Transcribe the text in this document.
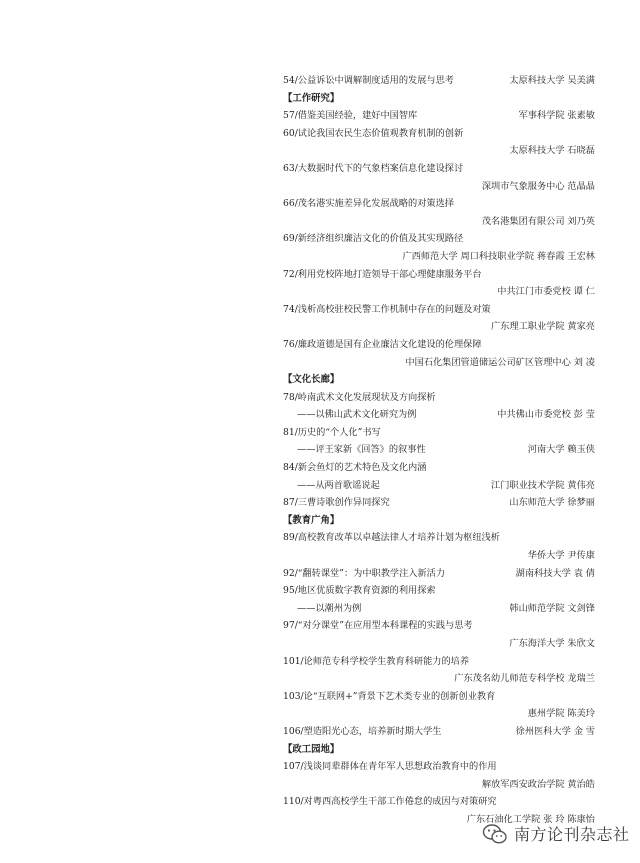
54/公益诉讼中调解制度适用的发展与思考	太原科技大学 吴美满
【工作研究】
57/借鉴美国经验，建好中国智库	军事科学院 张素敏
60/试论我国农民生态价值观教育机制的创新
太原科技大学 石晓磊
63/大数据时代下的气象档案信息化建设探讨
深圳市气象服务中心 范晶晶
66/茂名港实施差异化发展战略的对策选择
茂名港集团有限公司 刘乃英
69/新经济组织廉洁文化的价值及其实现路径
广西师范大学 周口科技职业学院 蒋春霞 王宏林
72/利用党校阵地打造领导干部心理健康服务平台
中共江门市委党校 谭 仁
74/浅析高校驻校民警工作机制中存在的问题及对策
广东理工职业学院 黄家亮
76/廉政道德是国有企业廉洁文化建设的伦理保障
中国石化集团管道储运公司矿区管理中心 刘 凌
【文化长廊】
78/岭南武术文化发展现状及方向探析
——以佛山武术文化研究为例	中共佛山市委党校 彭 莹
81/历史的“个人化”书写
——评王家新《回答》的叙事性	河南大学 赖玉侠
84/新会鱼灯的艺术特色及文化内涵
——从两首歌谣说起	江门职业技术学院 黄伟亮
87/三曹诗歌创作异同探究	山东师范大学 徐梦丽
【教育广角】
89/高校教育改革以卓越法律人才培养计划为枢纽浅析
华侨大学 尹传康
92/“翻转课堂”：为中职教学注入新活力	湖南科技大学 袁 倩
95/地区优质数字教育资源的利用探索
——以潮州为例	韩山师范学院 文剑锋
97/“对分课堂”在应用型本科课程的实践与思考
广东海洋大学 朱欣文
101/论师范专科学校学生教育科研能力的培养
广东茂名幼儿师范专科学校 龙瑞兰
103/论“互联网+”背景下艺术类专业的创新创业教育
惠州学院 陈美玲
106/塑造阳光心态，培养新时期大学生	徐州医科大学 金 雪
【政工园地】
107/浅谈同辈群体在青年军人思想政治教育中的作用
解放军西安政治学院 黄治皓
110/对粤西高校学生干部工作倦怠的成因与对策研究
广东石油化工学院 张 玲 陈康怡
南方论刊杂志社
